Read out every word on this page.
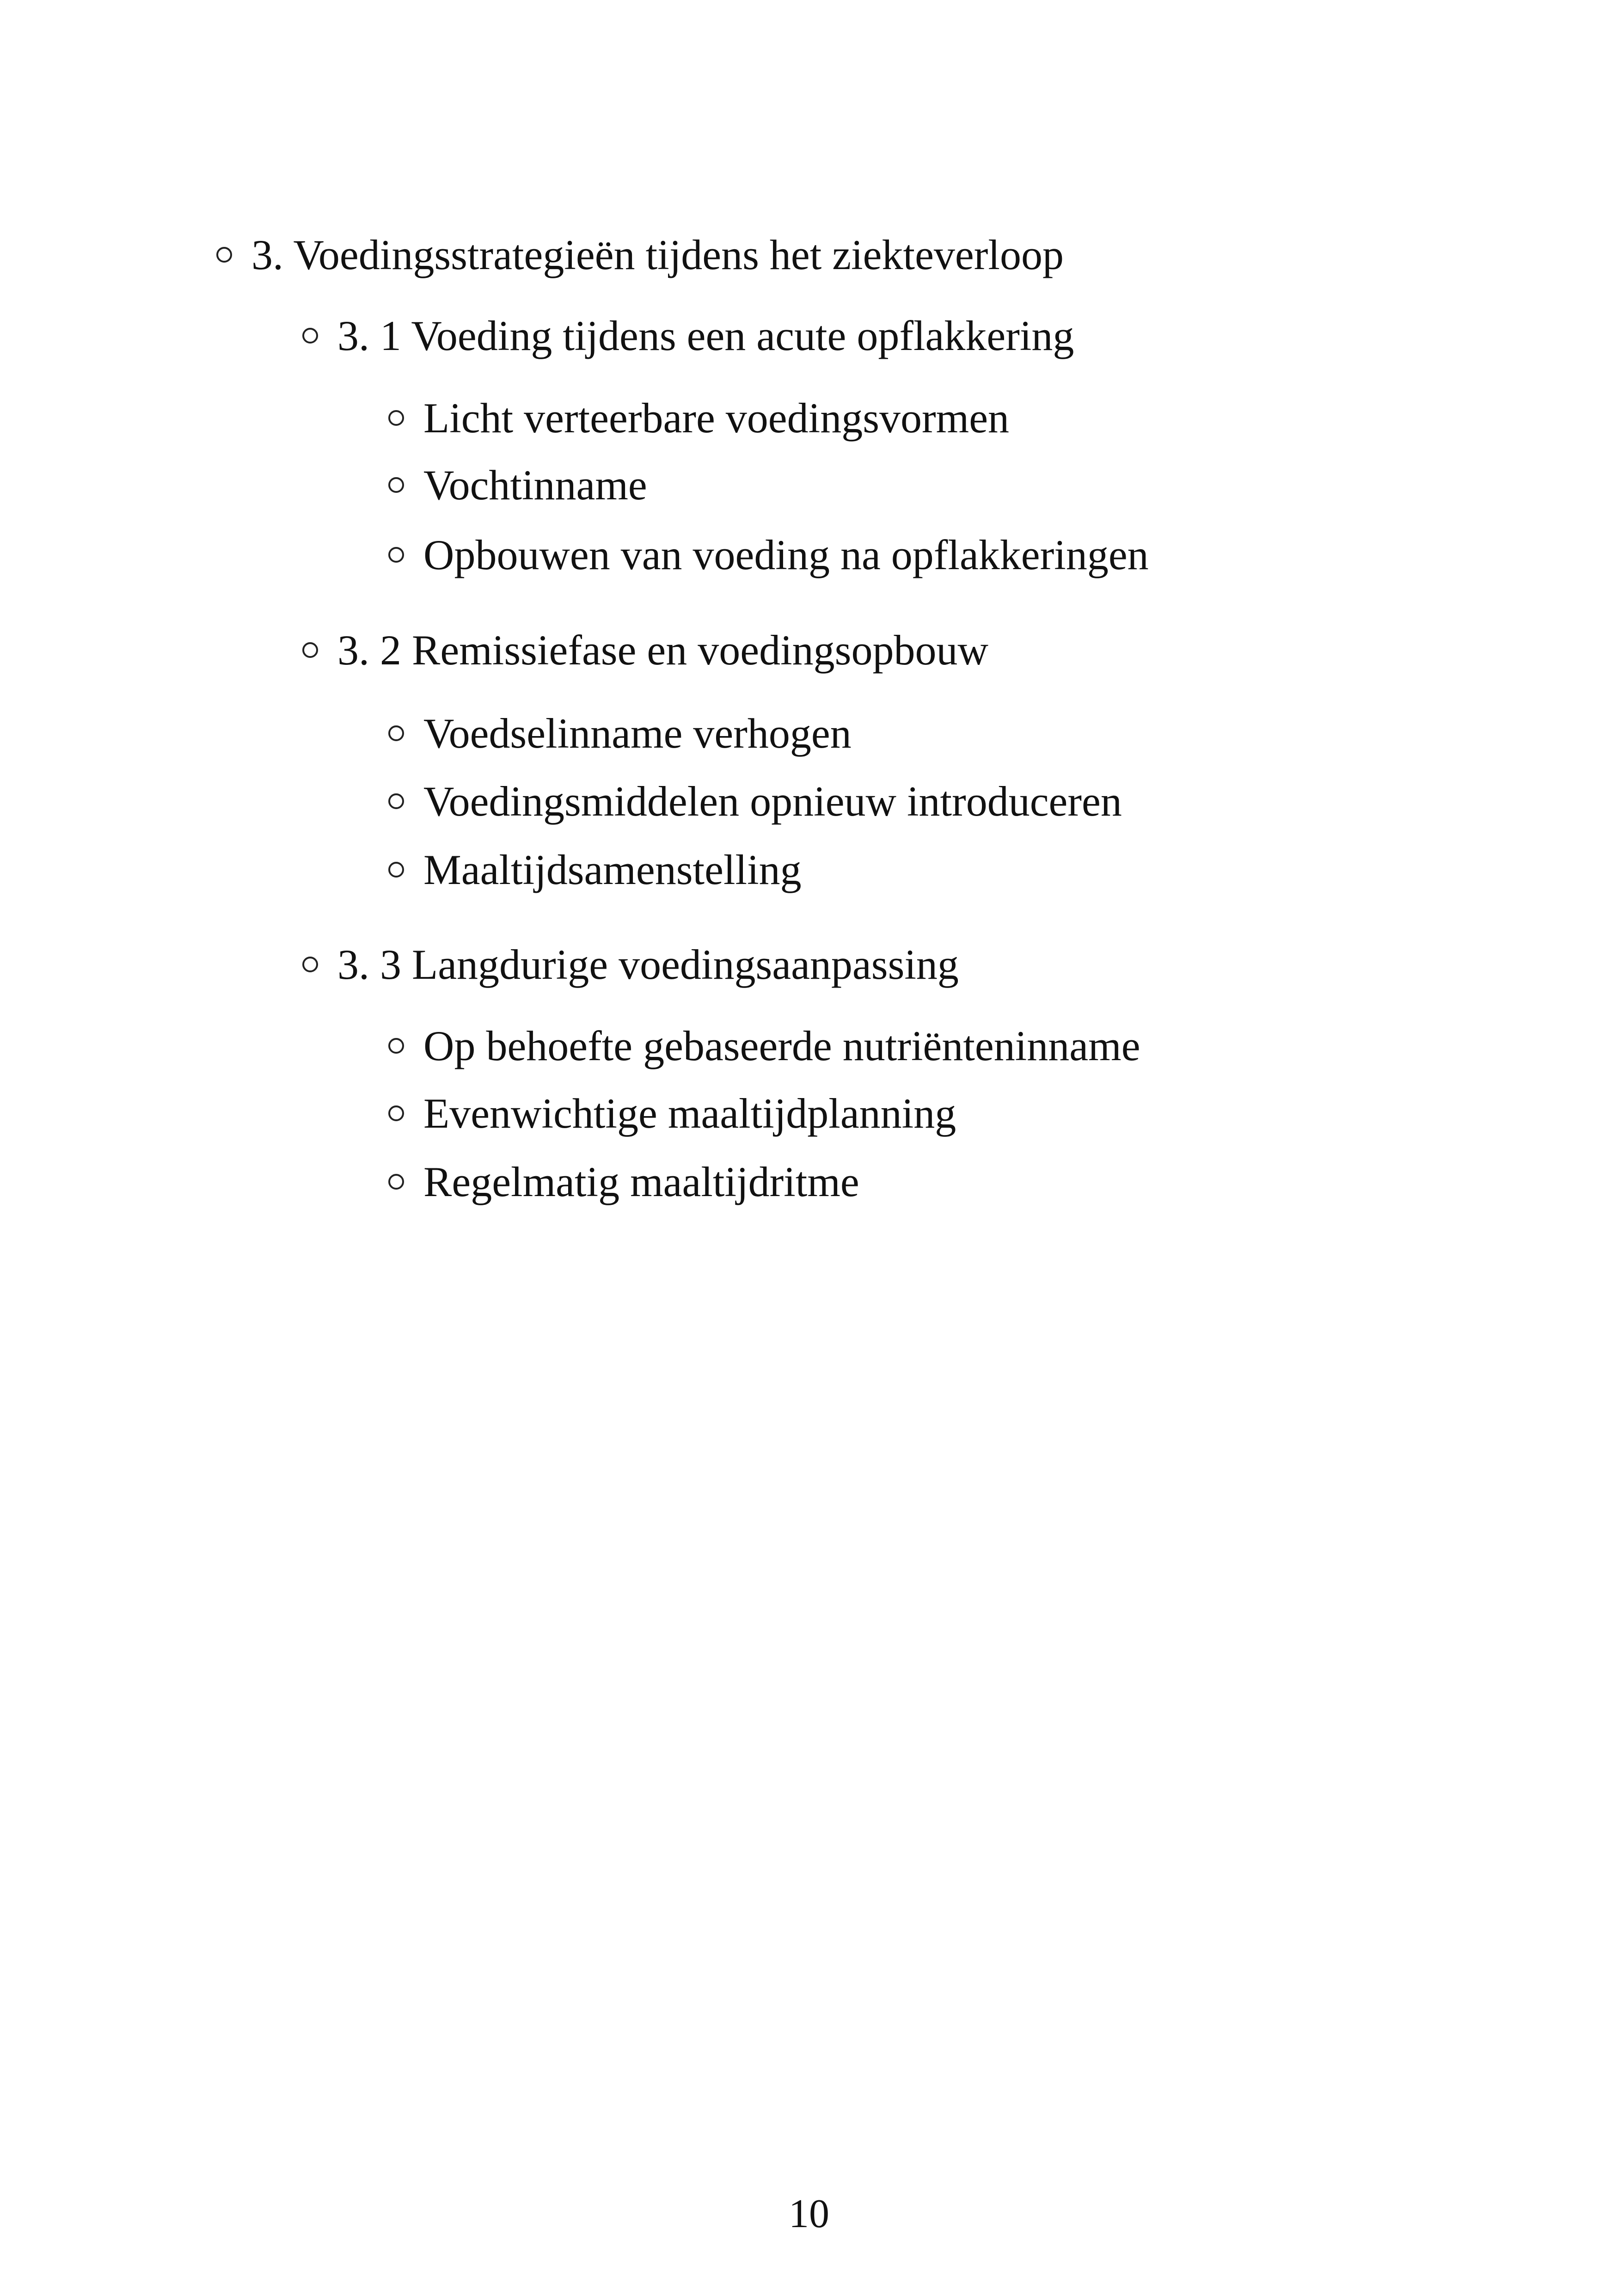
3. Voedingsstrategieën tijdens het ziekteverloop
3. 1 Voeding tijdens een acute opflakkering
Licht verteerbare voedingsvormen
Vochtinname
Opbouwen van voeding na opflakkeringen
3. 2 Remissiefase en voedingsopbouw
Voedselinname verhogen
Voedingsmiddelen opnieuw introduceren
Maaltijdsamenstelling
3. 3 Langdurige voedingsaanpassing
Op behoefte gebaseerde nutriënteninname
Evenwichtige maaltijdplanning
Regelmatig maaltijdritme
10
